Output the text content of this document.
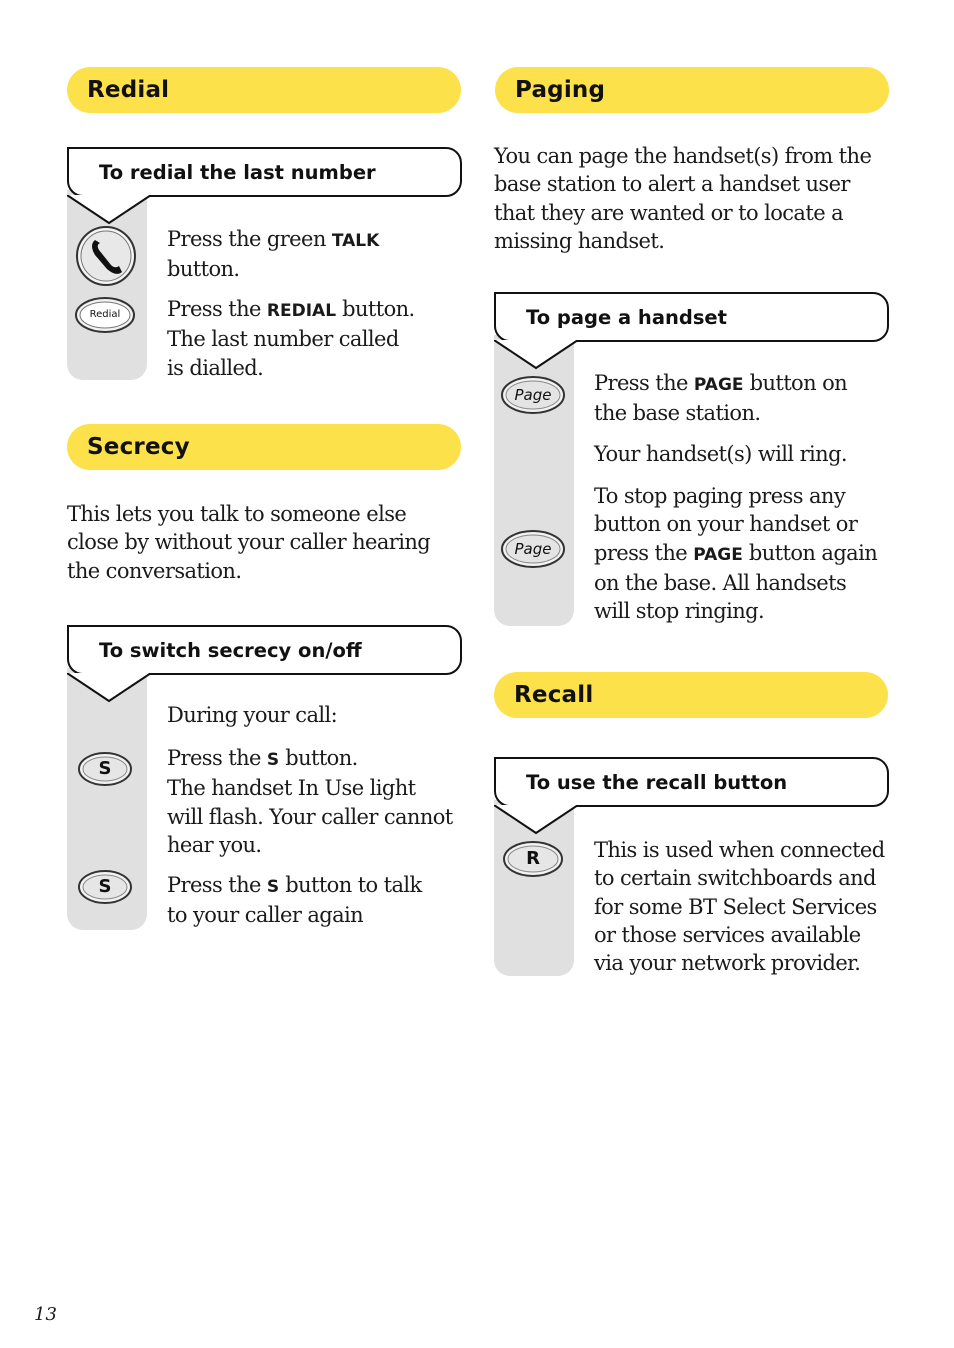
Redial
To redial the last number
Redial

Press the green TALK

button.

Press the REDIAL button.

The last number called

is dialled.

Secrecy

This lets you talk to someone else

close by without your caller hearing

the conversation.

To switch secrecy on/off
S
S

During your call:

Press the S button.

The handset In Use light

will flash. Your caller cannot

hear you.

Press the S button to talk

to your caller again

Paging

You can page the handset(s) from the

base station to alert a handset user

that they are wanted or to locate a

missing handset.

To page a handset
Page
Page

Press the PAGE button on

the base station.

Your handset(s) will ring.

To stop paging press any

button on your handset or

press the PAGE button again

on the base. All handsets

will stop ringing.

Recall
To use the recall button
R	This is used when connected

to certain switchboards and

for some BT Select Services

or those services available

via your network provider.

13
